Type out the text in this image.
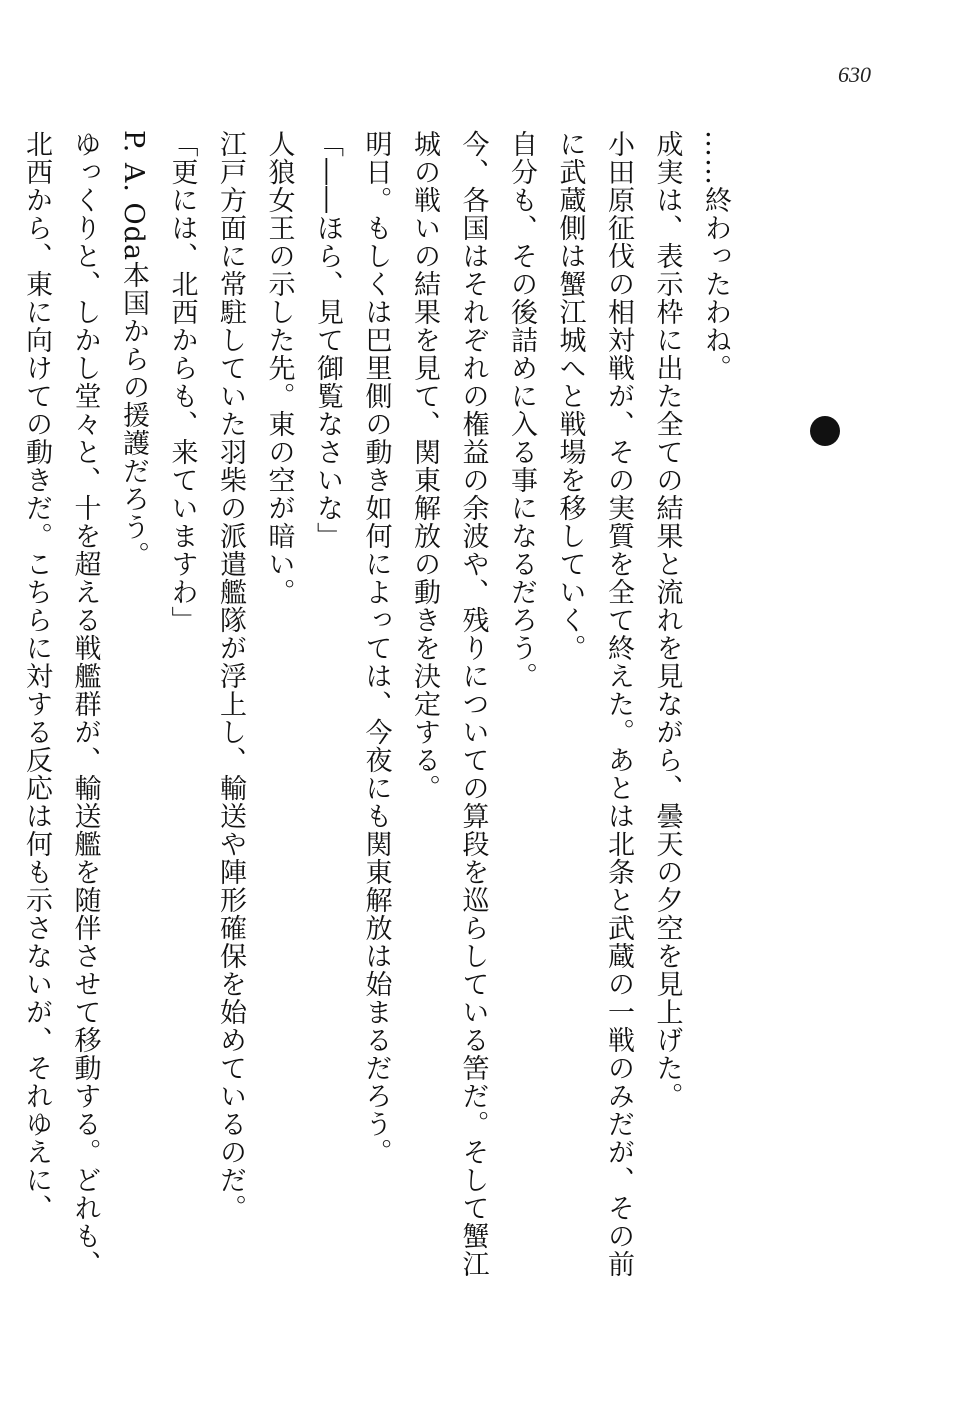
630
……終わったわね。
成実は、表示枠に出た全ての結果と流れを見ながら、曇天の夕空を見上げた。
小田原征伐の相対戦が、その実質を全て終えた。あとは北条と武蔵の一戦のみだが、その前
に武蔵側は蟹江城へと戦場を移していく。
自分も、その後詰めに入る事になるだろう。
今、各国はそれぞれの権益の余波や、残りについての算段を巡らしている筈だ。そして蟹江
城の戦いの結果を見て、関東解放の動きを決定する。
明日。もしくは巴里側の動き如何によっては、今夜にも関東解放は始まるだろう。
「――ほら、見て御覧なさいな」
人狼女王の示した先。東の空が暗い。
江戸方面に常駐していた羽柴の派遣艦隊が浮上し、輸送や陣形確保を始めているのだ。
「更には、北西からも、来ていますわ」
P. A. Oda本国からの援護だろう。
ゆっくりと、しかし堂々と、十を超える戦艦群が、輸送艦を随伴させて移動する。どれも、
北西から、東に向けての動きだ。こちらに対する反応は何も示さないが、それゆえに、
